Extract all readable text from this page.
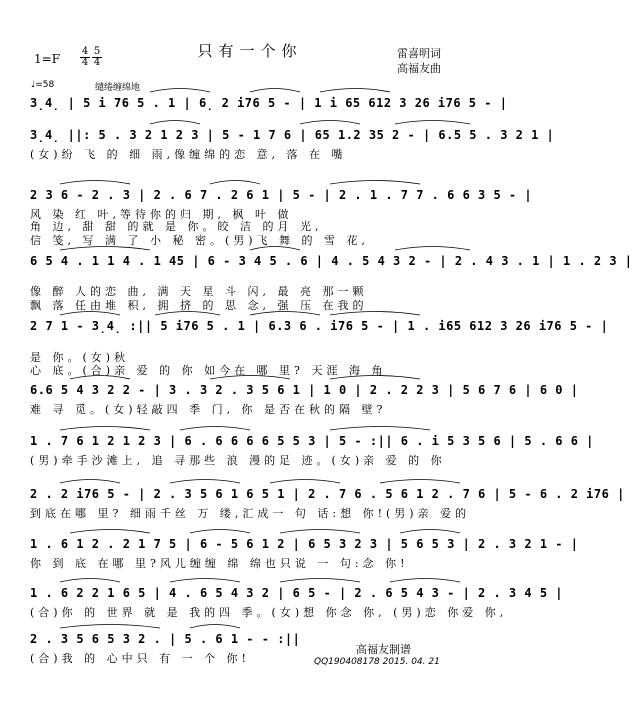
只有一个你
1=F
4
4
5
4
雷喜明词
高福友曲
♩=58	缱绻缠绵地
3̣4̣ | 5 i 76 5 . 1 | 6̣ 2 i76 5 - | 1 i 65 612 3 26 i76 5 - |
3̣4̣ ||: 5 . 3 2 1 2 3 | 5 - 1 7 6 | 65 1.2 35 2 - | 6.5 5 . 3 2 1 |
(女)纷 飞 的 细 雨,像缠绵的恋 意, 落 在 嘴
2 3 6 - 2 . 3 | 2 . 6 7 . 2 6 1 | 5 - | 2 . 1 . 7 7 . 6 6 3 5 - |
风 染 红 叶,等待你的归 期, 枫 叶 做
角 边, 甜 甜 的就 是 你。皎 洁 的月 光,
信 笺, 写 满 了 小 秘 密。(男)飞 舞 的 雪 花,
6 5 4 . 1 1 4 . 1 45 | 6 - 3 4 5 . 6 | 4 . 5 4 3 2 - | 2 . 4 3 . 1 | 1 . 2 3 |
像 醉 人的恋 曲, 满 天 星 斗 闪, 最 亮 那一颗
飘 落 任由堆 积, 拥 挤 的 思 念, 强 压 在我的
2 7 1 - 3̣4̣ :|| 5 i76 5 . 1 | 6.3 6 . i76 5 - | 1 . i65 612 3 26 i76 5 - |
是 你。(女)秋
心 底。(合)亲 爱 的 你 如今在 哪 里? 天涯 海 角
6.6 5 4 3 2 2 - | 3 . 3 2 . 3 5 6 1 | 1 0 | 2 . 2 2 3 | 5 6 7 6 | 6 0 |
难 寻 觅。(女)轻敲四 季 门, 你 是否在秋的隔 壁?
1 . 7 6 1 2 1 2 3 | 6 . 6 6 6 6 5 5 3 | 5 - :|| 6 . i 5 3 5 6 | 5 . 6 6 |
(男)牵手沙滩上, 追 寻那些 浪 漫的足 迹。(女)亲 爱 的 你
2 . 2 i76 5 - | 2 . 3 5 6 1 6 5 1 | 2 . 7 6 . 5 6 1 2 . 7 6 | 5 - 6 . 2 i76 |
到底在哪 里? 细雨千丝 万 缕,汇成一 句 话:想 你!(男)亲 爱的
1 . 6 1 2 . 2 1 7 5 | 6 - 5 6 1 2 | 6 5 3 2 3 | 5 6 5 3 | 2 . 3 2 1 - |
你 到 底 在哪 里?风儿缠缠 绵 绵也只说 一 句:念 你!
1 . 6 2 2 1 6 5 | 4 . 6 5 4 3 2 | 6 5 - | 2 . 6 5 4 3 - | 2 . 3 4 5 |
(合)你 的 世界 就 是 我的四 季。(女)想 你念 你, (男)恋 你爱 你,
2 . 3 5 6 5 3 2 . | 5 . 6 1 - - :||
(合)我 的 心中只 有 一 个 你!
高福友制谱
QQ190408178 2015. 04. 21
